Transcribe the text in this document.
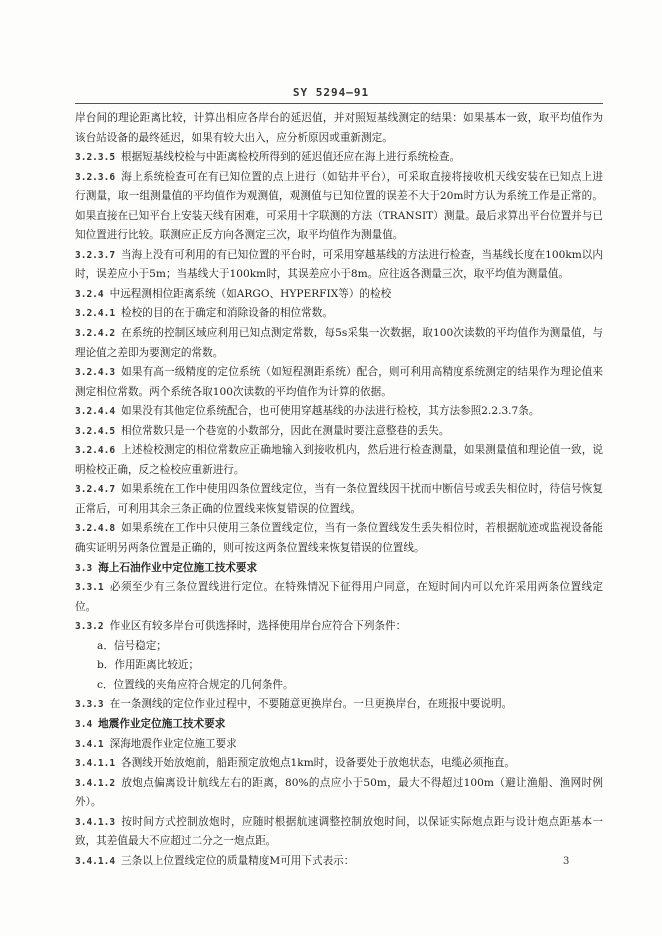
SY 5294—91

岸台间的理论距离比较，计算出相应各岸台的延迟值，并对照短基线测定的结果：如果基本一致，取平均值作为该台站设备的最终延迟，如果有较大出入，应分析原因或重新测定。

3.2.3.5 根据短基线校检与中距离检校所得到的延迟值还应在海上进行系统检查。

3.2.3.6 海上系统检查可在有已知位置的点上进行（如钻井平台），可采取直接将接收机天线安装在已知点上进行测量，取一组测量值的平均值作为观测值，观测值与已知位置的误差不大于20m时方认为系统工作是正常的。如果直接在已知平台上安装天线有困难，可采用十字联测的方法（TRANSIT）测量。最后求算出平台位置并与已知位置进行比较。联测应正反方向各测定三次，取平均值作为测量值。

3.2.3.7 当海上没有可利用的有已知位置的平台时，可采用穿越基线的方法进行检查，当基线长度在100km以内时，误差应小于5m；当基线大于100km时，其误差应小于8m。应往返各测量三次，取平均值为测量值。

3.2.4 中远程测相位距离系统（如ARGO、HYPERFIX等）的检校

3.2.4.1 检校的目的在于确定和消除设备的相位常数。

3.2.4.2 在系统的控制区域应利用已知点测定常数，每5s采集一次数据，取100次读数的平均值作为测量值，与理论值之差即为要测定的常数。

3.2.4.3 如果有高一级精度的定位系统（如短程测距系统）配合，则可利用高精度系统测定的结果作为理论值来测定相位常数。两个系统各取100次读数的平均值作为计算的依据。

3.2.4.4 如果没有其他定位系统配合，也可使用穿越基线的办法进行检校，其方法参照2.2.3.7条。

3.2.4.5 相位常数只是一个巷宽的小数部分，因此在测量时要注意整巷的丢失。

3.2.4.6 上述检校测定的相位常数应正确地输入到接收机内，然后进行检查测量，如果测量值和理论值一致，说明检校正确，反之检校应重新进行。

3.2.4.7 如果系统在工作中使用四条位置线定位，当有一条位置线因干扰而中断信号或丢失相位时，待信号恢复正常后，可利用其余三条正确的位置线来恢复错误的位置线。

3.2.4.8 如果系统在工作中只使用三条位置线定位，当有一条位置线发生丢失相位时，若根据航迹或监视设备能确实证明另两条位置是正确的，则可按这两条位置线来恢复错误的位置线。

3.3 海上石油作业中定位施工技术要求

3.3.1 必须至少有三条位置线进行定位。在特殊情况下征得用户同意，在短时间内可以允许采用两条位置线定位。

3.3.2 作业区有较多岸台可供选择时，选择使用岸台应符合下列条件：

a．信号稳定；

b．作用距离比较近；

c．位置线的夹角应符合规定的几何条件。

3.3.3 在一条测线的定位作业过程中，不要随意更换岸台。一旦更换岸台，在班报中要说明。

3.4 地震作业定位施工技术要求

3.4.1 深海地震作业定位施工要求

3.4.1.1 各测线开始放炮前，船距预定放炮点1km时，设备要处于放炮状态，电缆必须拖直。

3.4.1.2 放炮点偏离设计航线左右的距离，80%的点应小于50m，最大不得超过100m（避让渔船、渔网时例外）。

3.4.1.3 按时间方式控制放炮时，应随时根据航速调整控制放炮时间，以保证实际炮点距与设计炮点距基本一致，其差值最大不应超过二分之一炮点距。

3.4.1.4 三条以上位置线定位的质量精度M可用下式表示：	3
